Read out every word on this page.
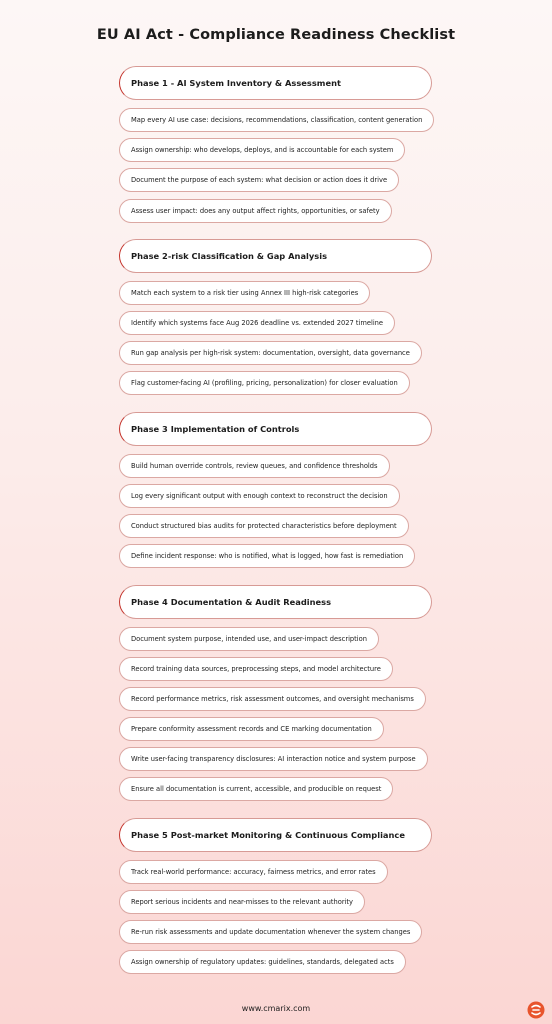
EU AI Act - Compliance Readiness Checklist
Phase 1 - AI System Inventory & Assessment
Map every AI use case: decisions, recommendations, classification, content generation
Assign ownership: who develops, deploys, and is accountable for each system
Document the purpose of each system: what decision or action does it drive
Assess user impact: does any output affect rights, opportunities, or safety
Phase 2-risk Classification & Gap Analysis
Match each system to a risk tier using Annex III high-risk categories
Identify which systems face Aug 2026 deadline vs. extended 2027 timeline
Run gap analysis per high-risk system: documentation, oversight, data governance
Flag customer-facing AI (profiling, pricing, personalization) for closer evaluation
Phase 3 Implementation of Controls
Build human override controls, review queues, and confidence thresholds
Log every significant output with enough context to reconstruct the decision
Conduct structured bias audits for protected characteristics before deployment
Define incident response: who is notified, what is logged, how fast is remediation
Phase 4 Documentation & Audit Readiness
Document system purpose, intended use, and user-impact description
Record training data sources, preprocessing steps, and model architecture
Record performance metrics, risk assessment outcomes, and oversight mechanisms
Prepare conformity assessment records and CE marking documentation
Write user-facing transparency disclosures: AI interaction notice and system purpose
Ensure all documentation is current, accessible, and producible on request
Phase 5 Post-market Monitoring & Continuous Compliance
Track real-world performance: accuracy, fairness metrics, and error rates
Report serious incidents and near-misses to the relevant authority
Re-run risk assessments and update documentation whenever the system changes
Assign ownership of regulatory updates: guidelines, standards, delegated acts
www.cmarix.com
